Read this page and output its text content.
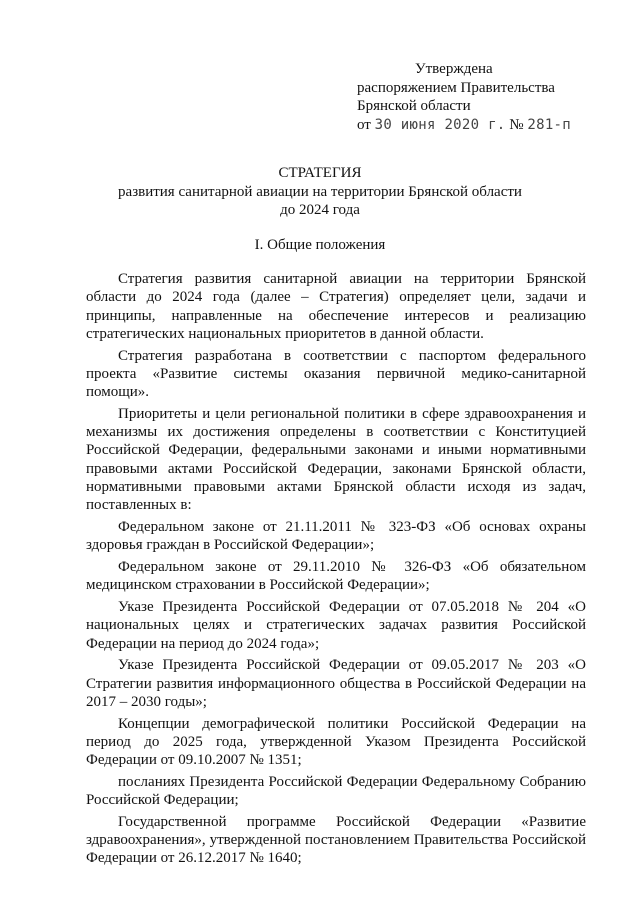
Утверждена
распоряжением Правительства
Брянской области
от 30 июня 2020 г. № 281-п
СТРАТЕГИЯ
развития санитарной авиации на территории Брянской области
до 2024 года
I. Общие положения

Стратегия развития санитарной авиации на территории Брянской области до 2024 года (далее – Стратегия) определяет цели, задачи и принципы, направленные на обеспечение интересов и реализацию стратегических национальных приоритетов в данной области.

Стратегия разработана в соответствии с паспортом федерального проекта «Развитие системы оказания первичной медико-санитарной помощи».

Приоритеты и цели региональной политики в сфере здравоохранения и механизмы их достижения определены в соответствии с Конституцией Российской Федерации, федеральными законами и иными нормативными правовыми актами Российской Федерации, законами Брянской области, нормативными правовыми актами Брянской области исходя из задач, поставленных в:

Федеральном законе от 21.11.2011 № 323-ФЗ «Об основах охраны здоровья граждан в Российской Федерации»;

Федеральном законе от 29.11.2010 № 326-ФЗ «Об обязательном медицинском страховании в Российской Федерации»;

Указе Президента Российской Федерации от 07.05.2018 № 204 «О национальных целях и стратегических задачах развития Российской Федерации на период до 2024 года»;

Указе Президента Российской Федерации от 09.05.2017 № 203 «О Стратегии развития информационного общества в Российской Федерации на 2017 – 2030 годы»;

Концепции демографической политики Российской Федерации на период до 2025 года, утвержденной Указом Президента Российской Федерации от 09.10.2007 № 1351;

посланиях Президента Российской Федерации Федеральному Собранию Российской Федерации;

Государственной программе Российской Федерации «Развитие здравоохранения», утвержденной постановлением Правительства Российской Федерации от 26.12.2017 № 1640;
